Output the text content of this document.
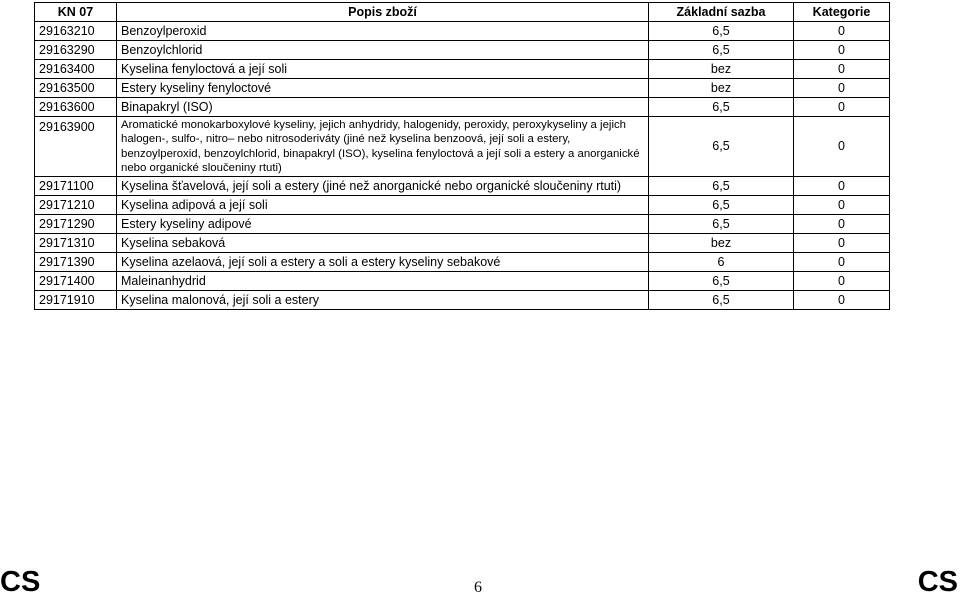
KN 07	Popis zboží	Základní sazba	Kategorie
29163210	Benzoylperoxid	6,5	0
29163290	Benzoylchlorid	6,5	0
29163400	Kyselina fenyloctová a její soli	bez	0
29163500	Estery kyseliny fenyloctové	bez	0
29163600	Binapakryl (ISO)	6,5	0
29163900	Aromatické monokarboxylové kyseliny, jejich anhydridy, halogenidy, peroxidy, peroxykyseliny a jejich halogen-, sulfo-, nitro– nebo nitrosoderiváty (jiné než kyselina benzoová, její soli a estery, benzoylperoxid, benzoylchlorid, binapakryl (ISO), kyselina fenyloctová a její soli a estery a anorganické nebo organické sloučeniny rtuti)	6,5	0
29171100	Kyselina šťavelová, její soli a estery (jiné než anorganické nebo organické sloučeniny rtuti)	6,5	0
29171210	Kyselina adipová a její soli	6,5	0
29171290	Estery kyseliny adipové	6,5	0
29171310	Kyselina sebaková	bez	0
29171390	Kyselina azelaová, její soli a estery a soli a estery kyseliny sebakové	6	0
29171400	Maleinanhydrid	6,5	0
29171910	Kyselina malonová, její soli a estery	6,5	0
CS	6	CS
